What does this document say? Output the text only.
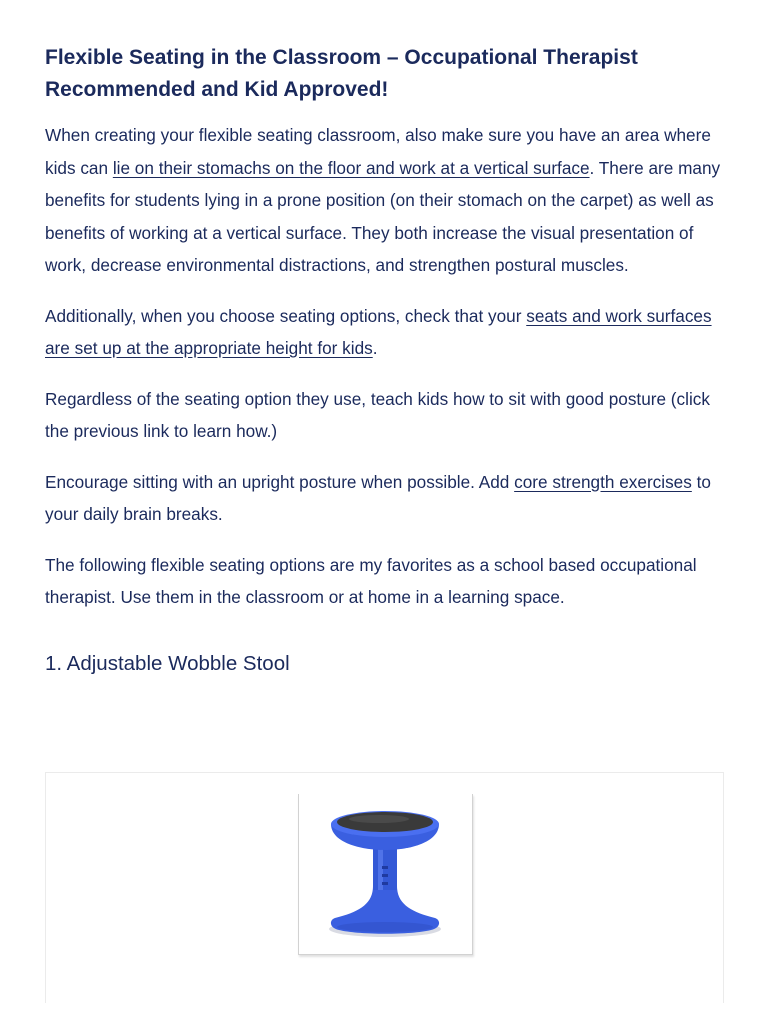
Flexible Seating in the Classroom – Occupational Therapist Recommended and Kid Approved!

When creating your flexible seating classroom, also make sure you have an area where kids can lie on their stomachs on the floor and work at a vertical surface. There are many benefits for students lying in a prone position (on their stomach on the carpet) as well as benefits of working at a vertical surface. They both increase the visual presentation of work, decrease environmental distractions, and strengthen postural muscles.

Additionally, when you choose seating options, check that your seats and work surfaces are set up at the appropriate height for kids.

Regardless of the seating option they use, teach kids how to sit with good posture (click the previous link to learn how.)

Encourage sitting with an upright posture when possible. Add core strength exercises to your daily brain breaks.

The following flexible seating options are my favorites as a school based occupational therapist. Use them in the classroom or at home in a learning space.

1. Adjustable Wobble Stool
